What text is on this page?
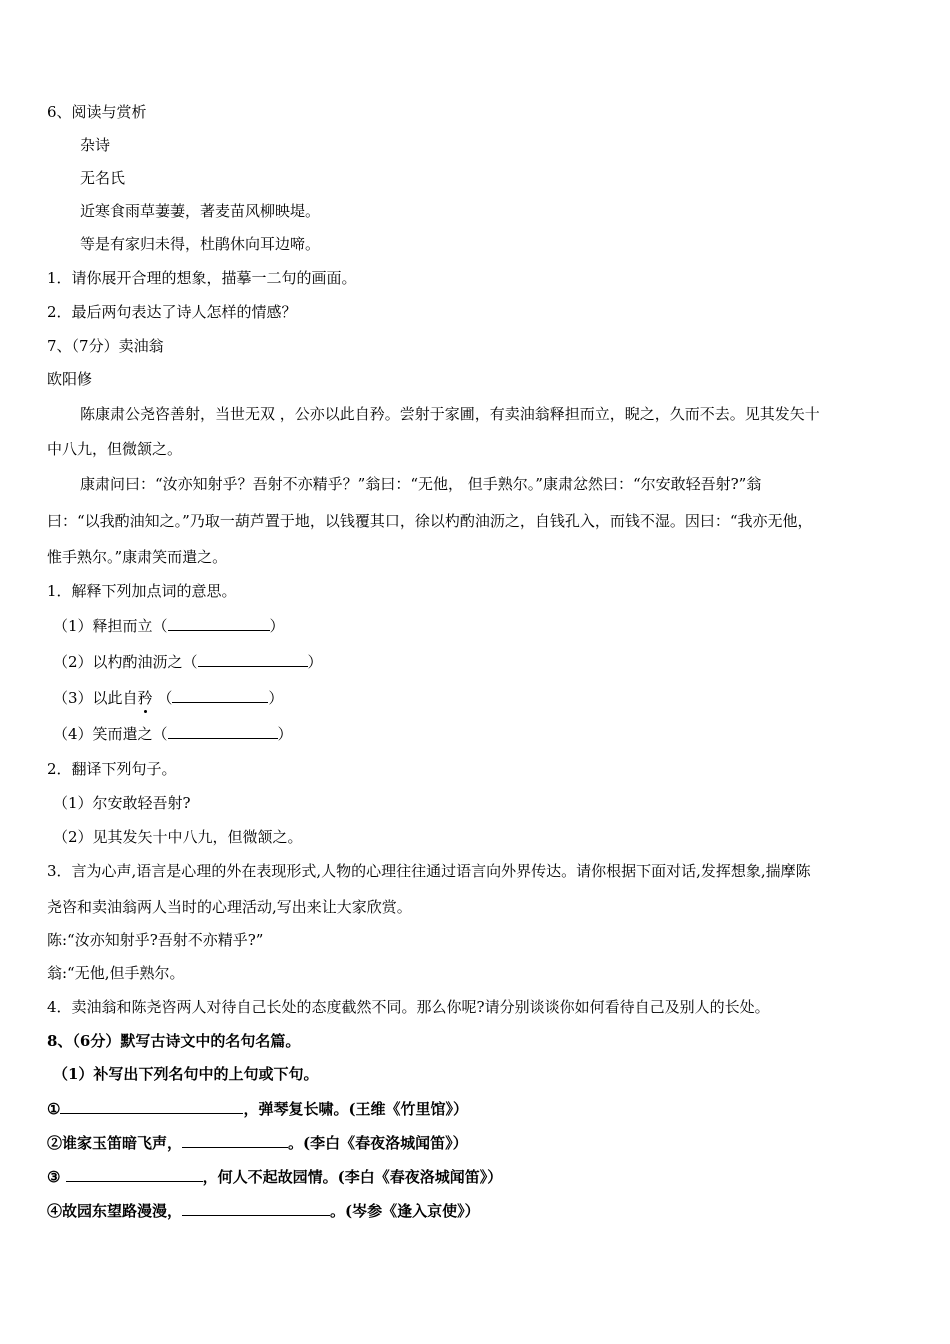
6、阅读与赏析
杂诗
无名氏
近寒食雨草萋萋，著麦苗风柳映堤。
等是有家归未得，杜鹃休向耳边啼。
1．请你展开合理的想象，描摹一二句的画面。
2．最后两句表达了诗人怎样的情感？
7、（7分）卖油翁
欧阳修
陈康肃公尧咨善射，当世无双 ，公亦以此自矜。尝射于家圃，有卖油翁释担而立，睨之，久而不去。见其发矢十
中八九，但微颔之。
康肃问曰：“汝亦知射乎？吾射不亦精乎？”翁曰：“无他， 但手熟尔。”康肃忿然曰：“尔安敢轻吾射?”翁
曰：“以我酌油知之。”乃取一葫芦置于地，以钱覆其口，徐以杓酌油沥之，自钱孔入，而钱不湿。因曰：“我亦无他，
惟手熟尔。”康肃笑而遣之。
1．解释下列加点词的意思。
（1）释担而立（	）
（2）以杓酌油沥之（	）
（3）以此自矜 （	）
（4）笑而遣之（	）
2．翻译下列句子。
（1）尔安敢轻吾射?
（2）见其发矢十中八九，但微颔之。
3．言为心声,语言是心理的外在表现形式,人物的心理往往通过语言向外界传达。请你根据下面对话,发挥想象,揣摩陈
尧咨和卖油翁两人当时的心理活动,写出来让大家欣赏。
陈:“汝亦知射乎?吾射不亦精乎?”
翁:“无他,但手熟尔。
4．卖油翁和陈尧咨两人对待自己长处的态度截然不同。那么你呢?请分别谈谈你如何看待自己及别人的长处。
8、（6分）默写古诗文中的名句名篇。
（1）补写出下列名句中的上句或下句。
①	，弹琴复长啸。(王维《竹里馆》）
②谁家玉笛暗飞声，	。(李白《春夜洛城闻笛》）
③	，何人不起故园情。(李白《春夜洛城闻笛》）
④故园东望路漫漫，	。(岑参《逢入京使》）
